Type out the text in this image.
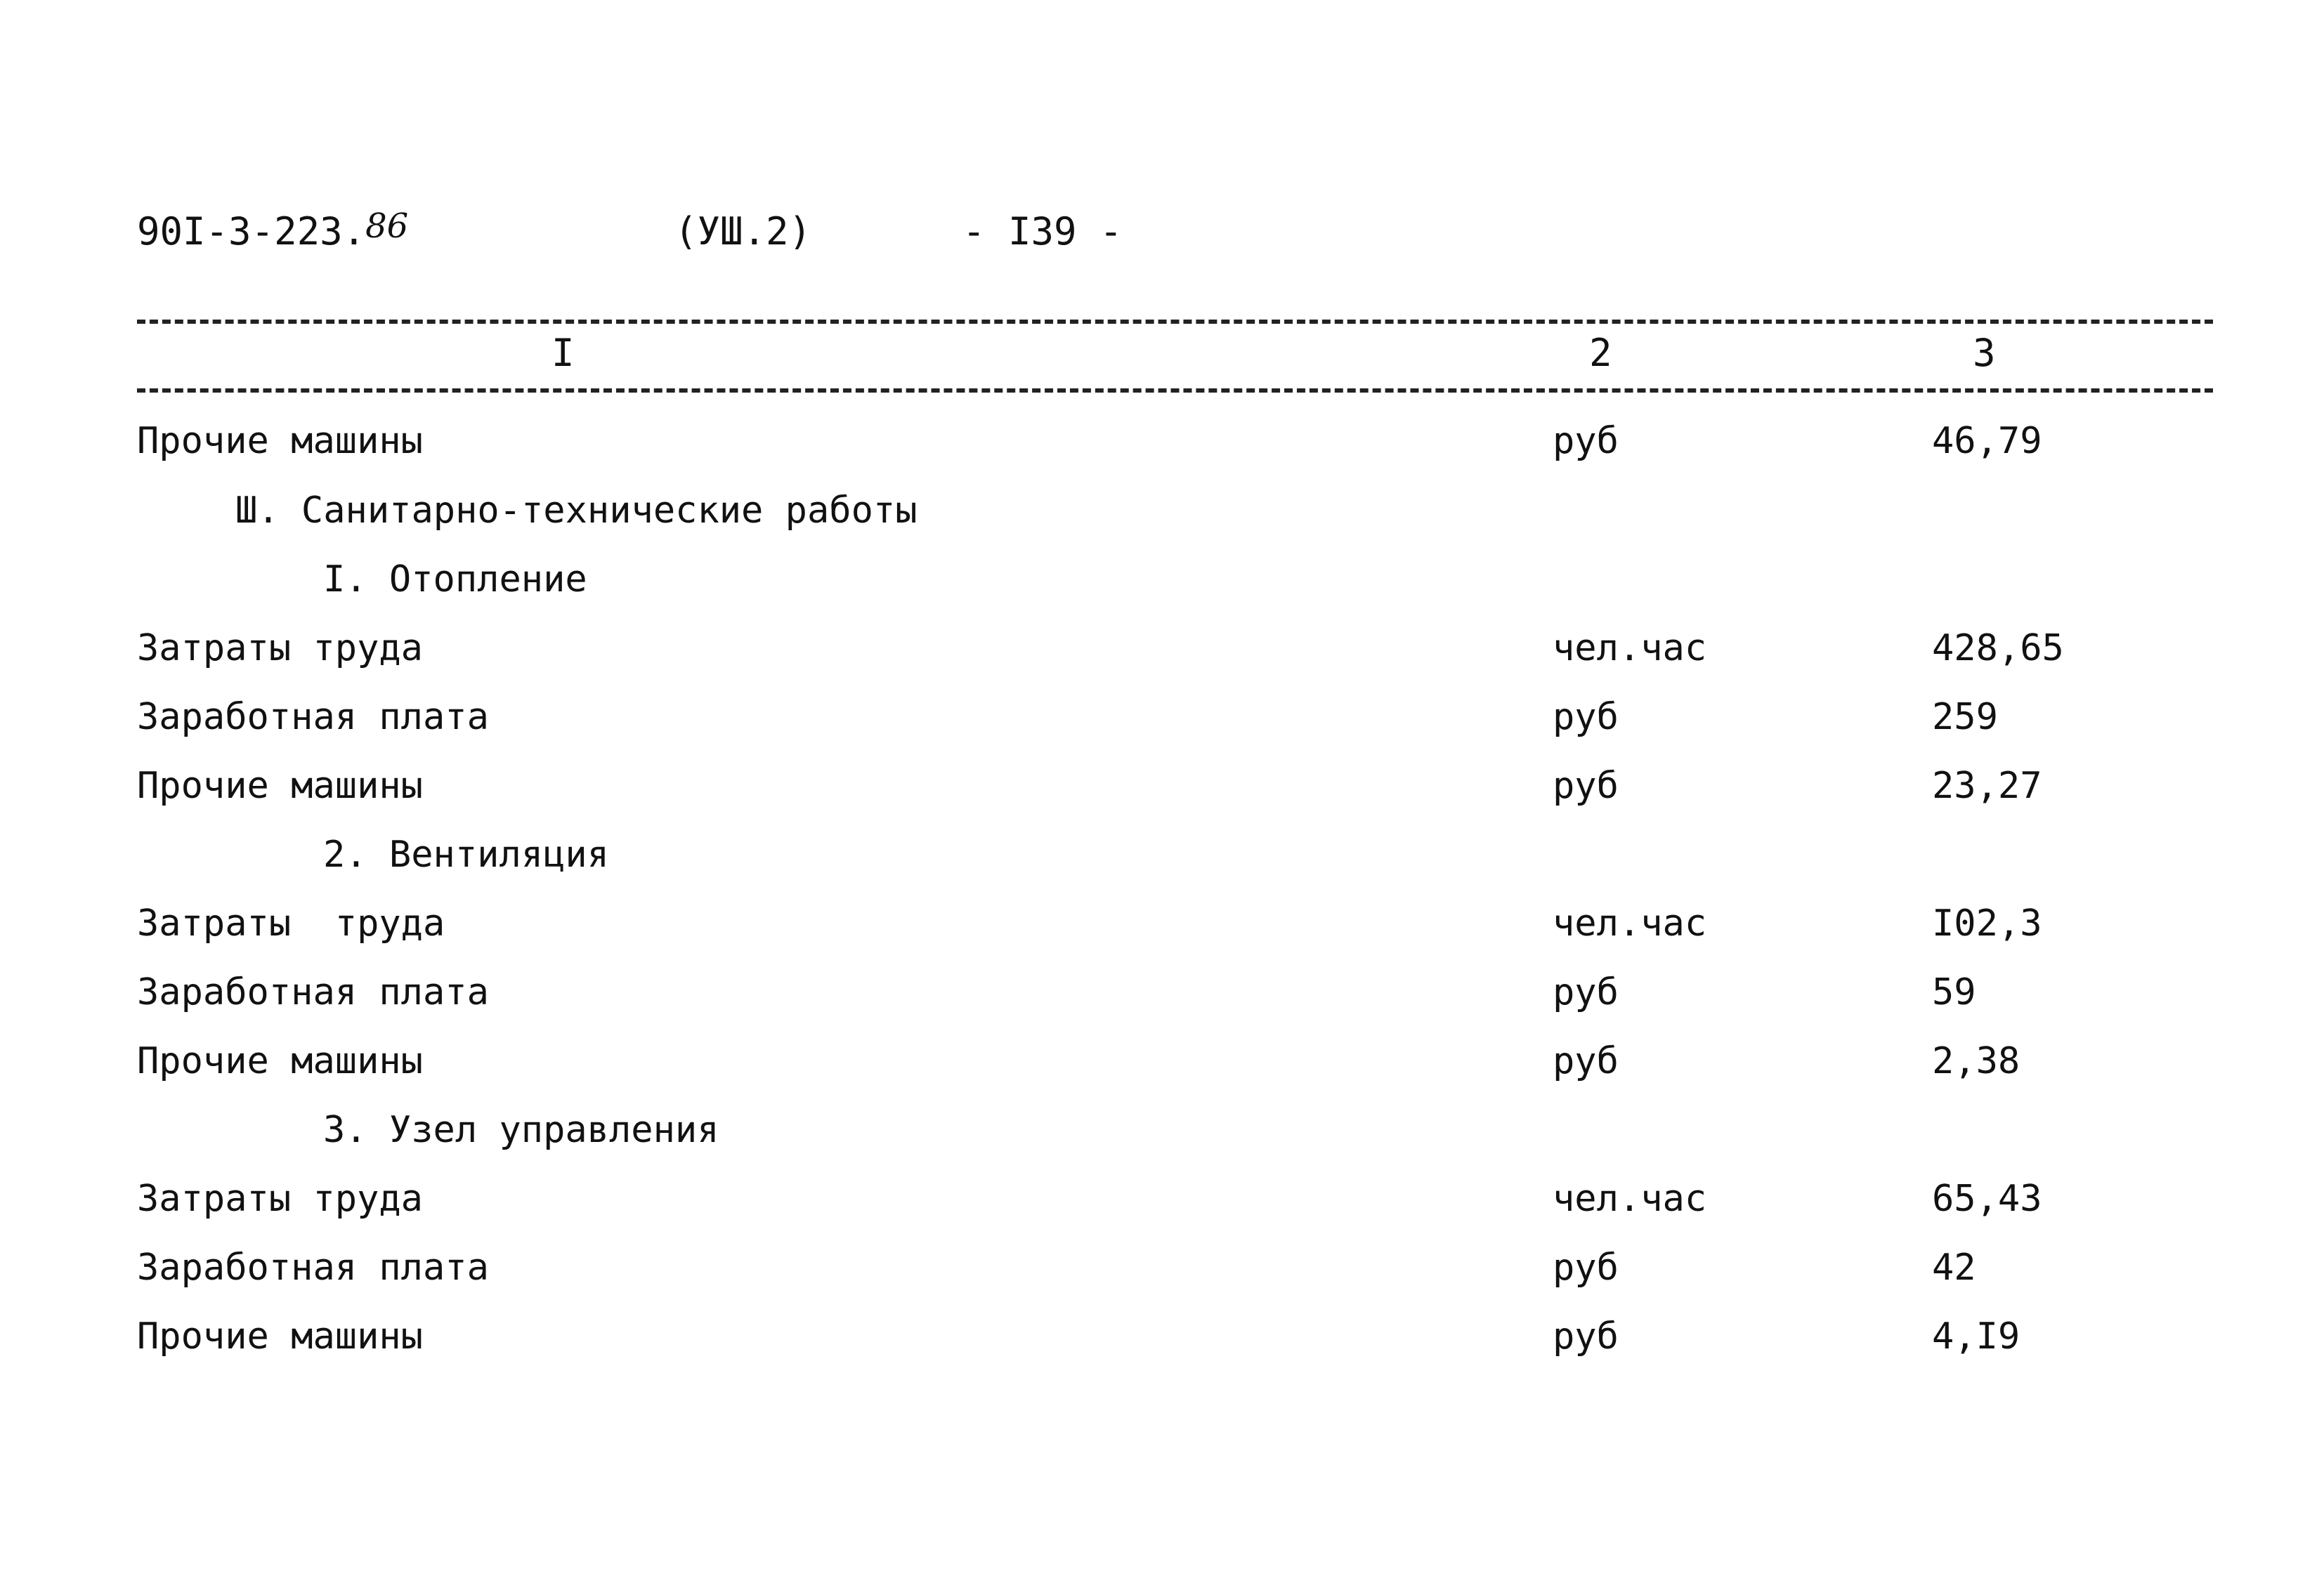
90I-3-223.86	(УШ.2)	- I39 -
I	2	3
Прочие машины	руб	46,79
Ш. Санитарно-технические работы
I. Отопление
Затраты труда	чел.час	428,65
Заработная плата	руб	259
Прочие машины	руб	23,27
2. Вентиляция
Затраты  труда	чел.час	I02,3
Заработная плата	руб	59
Прочие машины	руб	2,38
3. Узел управления
Затраты труда	чел.час	65,43
Заработная плата	руб	42
Прочие машины	руб	4,I9
